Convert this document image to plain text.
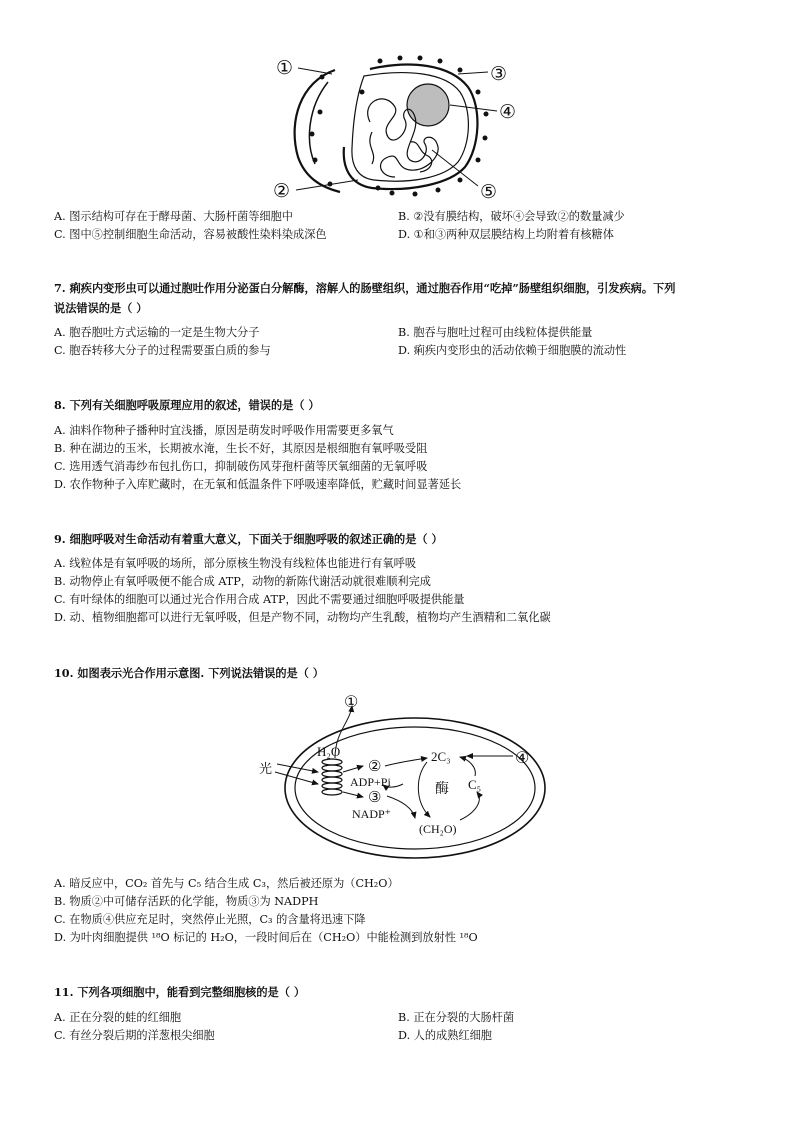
①
②
③
④
⑤
A. 图示结构可存在于酵母菌、大肠杆菌等细胞中	B. ②没有膜结构，破坏④会导致②的数量减少
C. 图中⑤控制细胞生命活动，容易被酸性染料染成深色	D. ①和③两种双层膜结构上均附着有核糖体
7. 痢疾内变形虫可以通过胞吐作用分泌蛋白分解酶，溶解人的肠壁组织，通过胞吞作用“吃掉”肠壁组织细胞，引发疾病。下列
说法错误的是（ ）
A. 胞吞胞吐方式运输的一定是生物大分子	B. 胞吞与胞吐过程可由线粒体提供能量
C. 胞吞转移大分子的过程需要蛋白质的参与	D. 痢疾内变形虫的活动依赖于细胞膜的流动性
8. 下列有关细胞呼吸原理应用的叙述，错误的是（ ）
A. 油料作物种子播种时宜浅播，原因是萌发时呼吸作用需要更多氧气
B. 种在湖边的玉米，长期被水淹，生长不好，其原因是根细胞有氧呼吸受阻
C. 选用透气消毒纱布包扎伤口，抑制破伤风芽孢杆菌等厌氧细菌的无氧呼吸
D. 农作物种子入库贮藏时，在无氧和低温条件下呼吸速率降低，贮藏时间显著延长
9. 细胞呼吸对生命活动有着重大意义，下面关于细胞呼吸的叙述正确的是（ ）
A. 线粒体是有氧呼吸的场所，部分原核生物没有线粒体也能进行有氧呼吸
B. 动物停止有氧呼吸便不能合成 ATP，动物的新陈代谢活动就很难顺利完成
C. 有叶绿体的细胞可以通过光合作用合成 ATP，因此不需要通过细胞呼吸提供能量
D. 动、植物细胞都可以进行无氧呼吸，但是产物不同，动物均产生乳酸，植物均产生酒精和二氧化碳
10. 如图表示光合作用示意图. 下列说法错误的是（ ）
光
①
H₂O
②
ADP+Pi
③
NADP⁺
2C₃
C₅
酶
(CH₂O)
④
A. 暗反应中，CO₂ 首先与 C₅ 结合生成 C₃，然后被还原为（CH₂O）
B. 物质②中可储存活跃的化学能，物质③为 NADPH
C. 在物质④供应充足时，突然停止光照，C₃ 的含量将迅速下降
D. 为叶肉细胞提供 ¹⁸O 标记的 H₂O，一段时间后在（CH₂O）中能检测到放射性 ¹⁸O
11. 下列各项细胞中，能看到完整细胞核的是（ ）
A. 正在分裂的蛙的红细胞	B. 正在分裂的大肠杆菌
C. 有丝分裂后期的洋葱根尖细胞	D. 人的成熟红细胞
